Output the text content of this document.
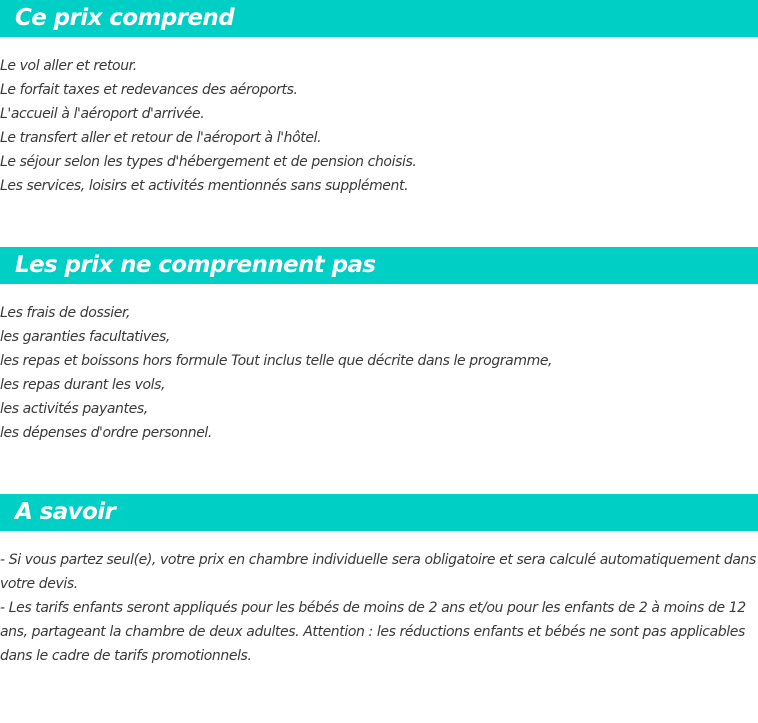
Ce prix comprend
Le vol aller et retour.
Le forfait taxes et redevances des aéroports.
L'accueil à l'aéroport d'arrivée.
Le transfert aller et retour de l'aéroport à l'hôtel.
Le séjour selon les types d'hébergement et de pension choisis.
Les services, loisirs et activités mentionnés sans supplément.
Les prix ne comprennent pas
Les frais de dossier,
les garanties facultatives,
les repas et boissons hors formule Tout inclus telle que décrite dans le programme,
les repas durant les vols,
les activités payantes,
les dépenses d'ordre personnel.
A savoir

- Si vous partez seul(e), votre prix en chambre individuelle sera obligatoire et sera calculé automatiquement dans votre devis.

- Les tarifs enfants seront appliqués pour les bébés de moins de 2 ans et/ou pour les enfants de 2 à moins de 12 ans, partageant la chambre de deux adultes. Attention : les réductions enfants et bébés ne sont pas applicables dans le cadre de tarifs promotionnels.
